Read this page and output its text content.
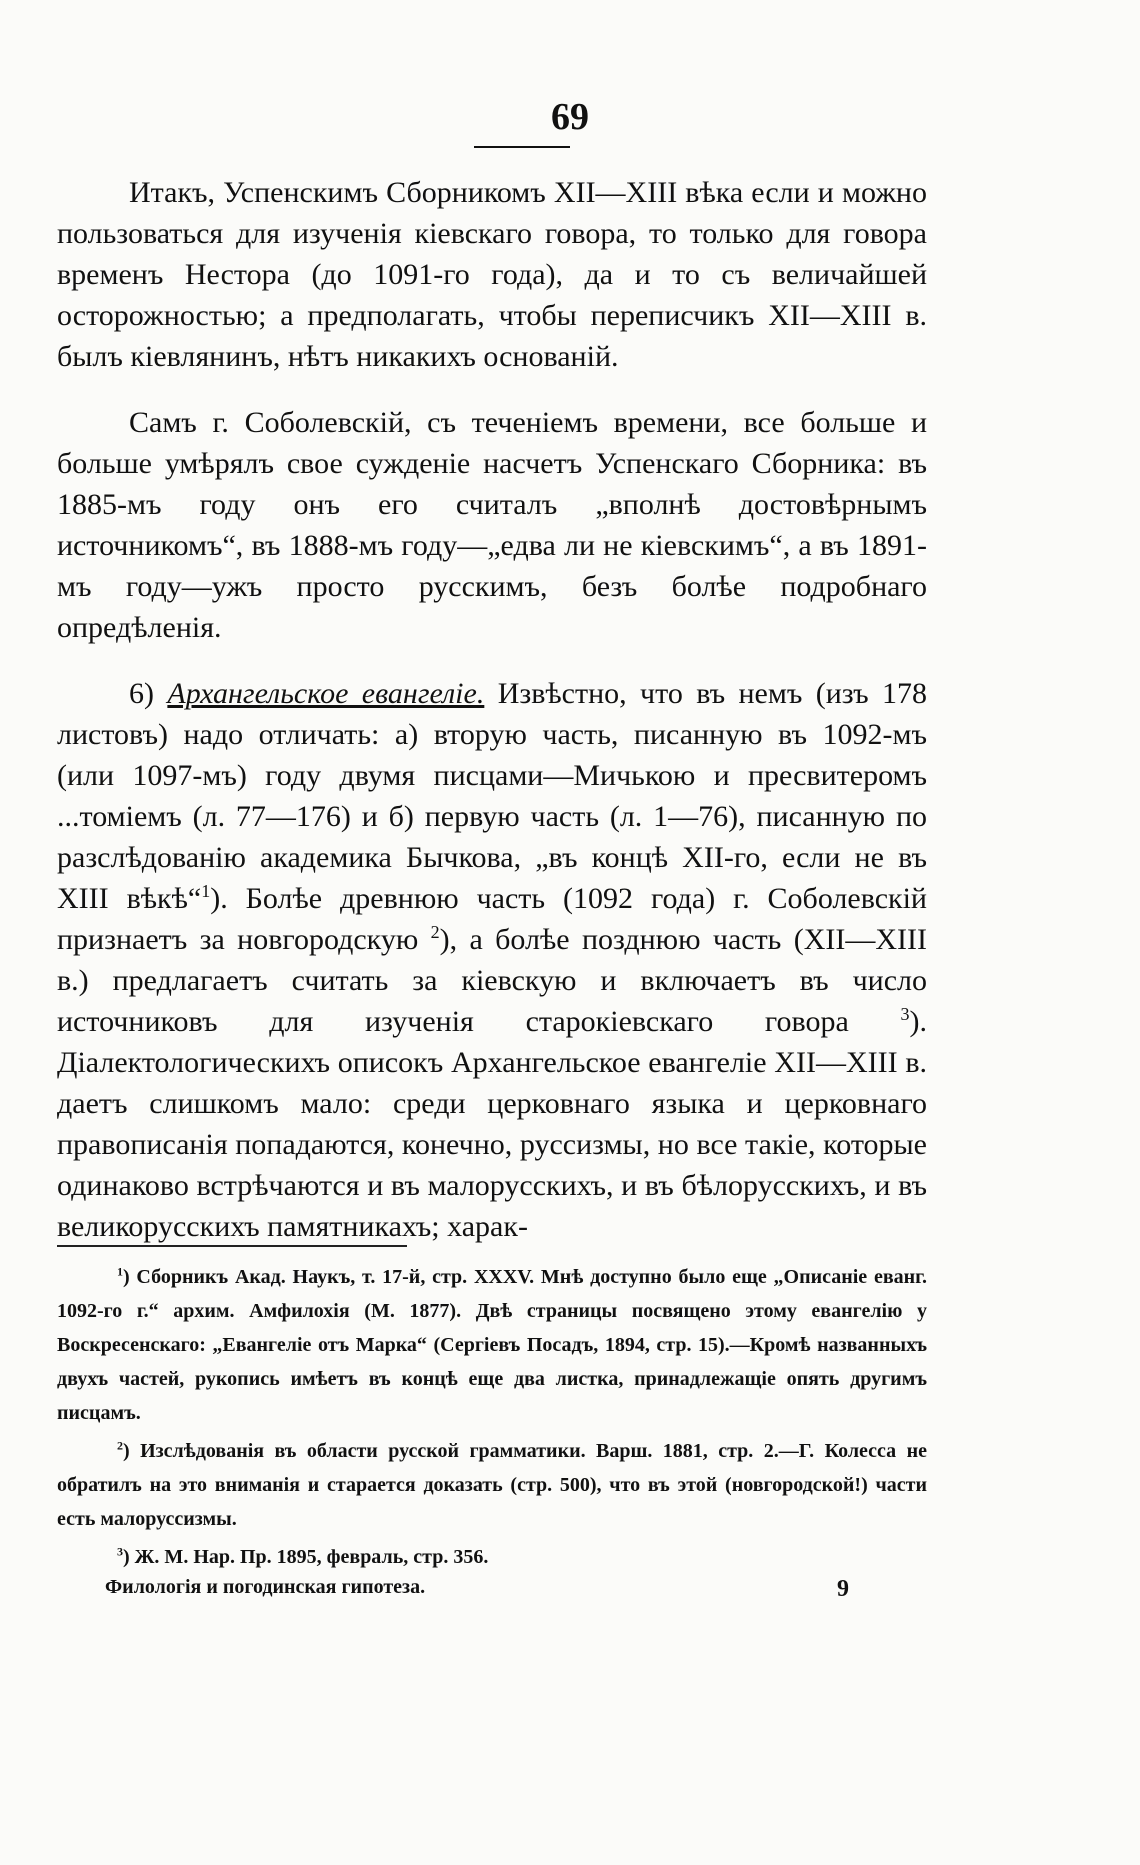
69

Итакъ, Успенскимъ Сборникомъ XII—XIII вѣка если и можно пользоваться для изученія кіевскаго говора, то только для говора временъ Нестора (до 1091-го года), да и то съ величайшей осторожностью; а предполагать, чтобы переписчикъ XII—XIII в. былъ кіевлянинъ, нѣтъ никакихъ основаній.

Самъ г. Соболевскій, съ теченіемъ времени, все больше и больше умѣрялъ свое сужденіе насчетъ Успенскаго Сборника: въ 1885-мъ году онъ его считалъ „вполнѣ достовѣрнымъ источникомъ“, въ 1888-мъ году—„едва ли не кіевскимъ“, а въ 1891-мъ году—ужъ просто русскимъ, безъ болѣе подробнаго опредѣленія.

6) Архангельское евангеліе. Извѣстно, что въ немъ (изъ 178 листовъ) надо отличать: а) вторую часть, писанную въ 1092-мъ (или 1097-мъ) году двумя писцами—Мичькою и пресвитеромъ ...томіемъ (л. 77—176) и б) первую часть (л. 1—76), писанную по разслѣдованію академика Бычкова, „въ концѣ XII-го, если не въ XIII вѣкѣ“$^1$). Болѣе древнюю часть (1092 года) г. Соболевскій признаетъ за новгородскую $^2$), а болѣе позднюю часть (XII—XIII в.) предлагаетъ считать за кіевскую и включаетъ въ число источниковъ для изученія старокіевскаго говора	$^3$). Діалектологическихъ описокъ Архангельское евангеліе XII—XIII в. даетъ слишкомъ мало: среди церковнаго языка и церковнаго правописанія попадаются, конечно, руссизмы, но все такіе, которые одинаково встрѣчаются и въ малорусскихъ, и въ бѣлорусскихъ, и въ великорусскихъ памятникахъ; харак-

$^1$) Сборникъ Акад. Наукъ, т. 17-й, стр. XXXV. Мнѣ доступно было еще „Описаніе еванг. 1092-го г.“ архим. Амфилохія (М. 1877). Двѣ страницы посвящено этому евангелію у Воскресенскаго: „Евангеліе отъ Марка“ (Сергіевъ Посадъ, 1894, стр. 15).—Кромѣ названныхъ двухъ частей, рукопись имѣетъ въ концѣ еще два листка, принадлежащіе опять другимъ писцамъ.

$^2$) Изслѣдованія въ области русской грамматики. Варш. 1881, стр. 2.—Г. Колесса не обратилъ на это вниманія и старается доказать (стр. 500), что въ этой (новгородской!) части есть малоруссизмы.

$^3$) Ж. М. Нар. Пр. 1895, февраль, стр. 356.

Филологія и погодинская гипотеза.	9
